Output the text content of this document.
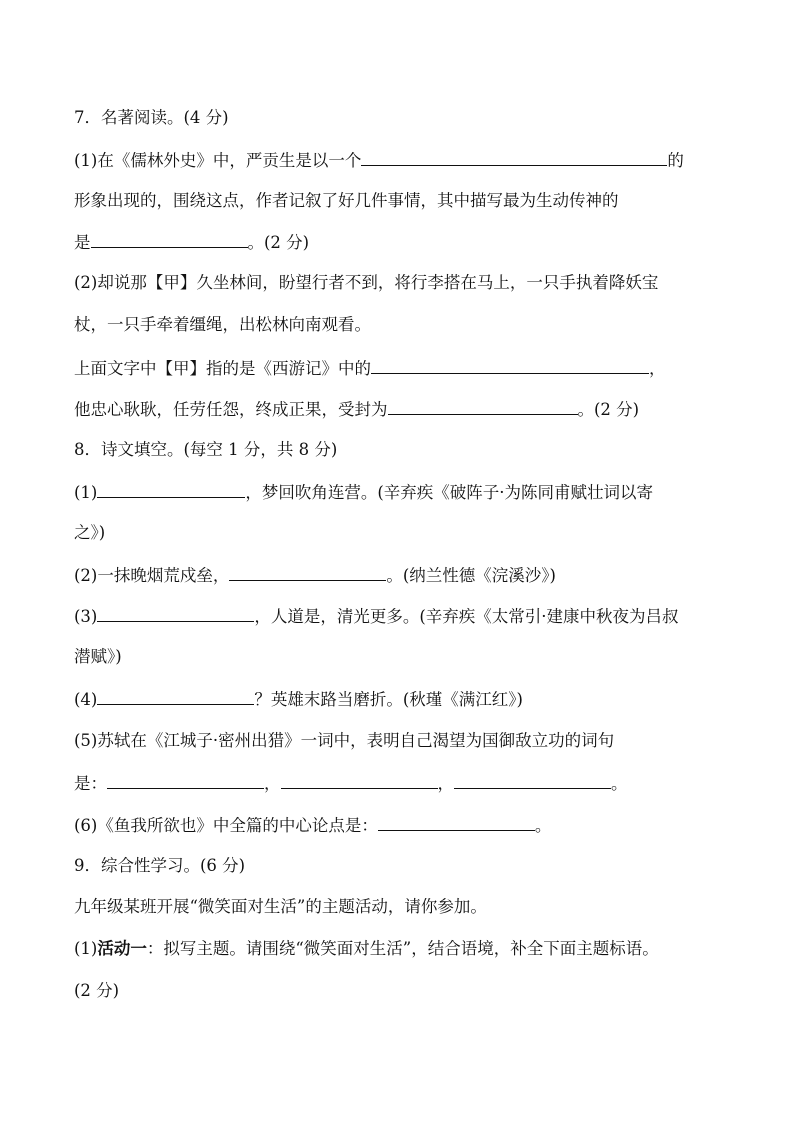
7．名著阅读。(4 分)
(1)在《儒林外史》中，严贡生是以一个	的
形象出现的，围绕这点，作者记叙了好几件事情，其中描写最为生动传神的
是	。(2 分)
(2)却说那【甲】久坐林间，盼望行者不到，将行李搭在马上，一只手执着降妖宝
杖，一只手牵着缰绳，出松林向南观看。
上面文字中【甲】指的是《西游记》中的	，
他忠心耿耿，任劳任怨，终成正果，受封为	。(2 分)
8．诗文填空。(每空 1 分，共 8 分)
(1)	，梦回吹角连营。(辛弃疾《破阵子·为陈同甫赋壮词以寄
之》)
(2)一抹晚烟荒戍垒，	。(纳兰性德《浣溪沙》)
(3)	，人道是，清光更多。(辛弃疾《太常引·建康中秋夜为吕叔
潜赋》)
(4)	？英雄末路当磨折。(秋瑾《满江红》)
(5)苏轼在《江城子·密州出猎》一词中，表明自己渴望为国御敌立功的词句
是：	，	，	。
(6)《鱼我所欲也》中全篇的中心论点是：	。
9．综合性学习。(6 分)
九年级某班开展“微笑面对生活”的主题活动，请你参加。
(1)活动一：拟写主题。请围绕“微笑面对生活”，结合语境，补全下面主题标语。
(2 分)
